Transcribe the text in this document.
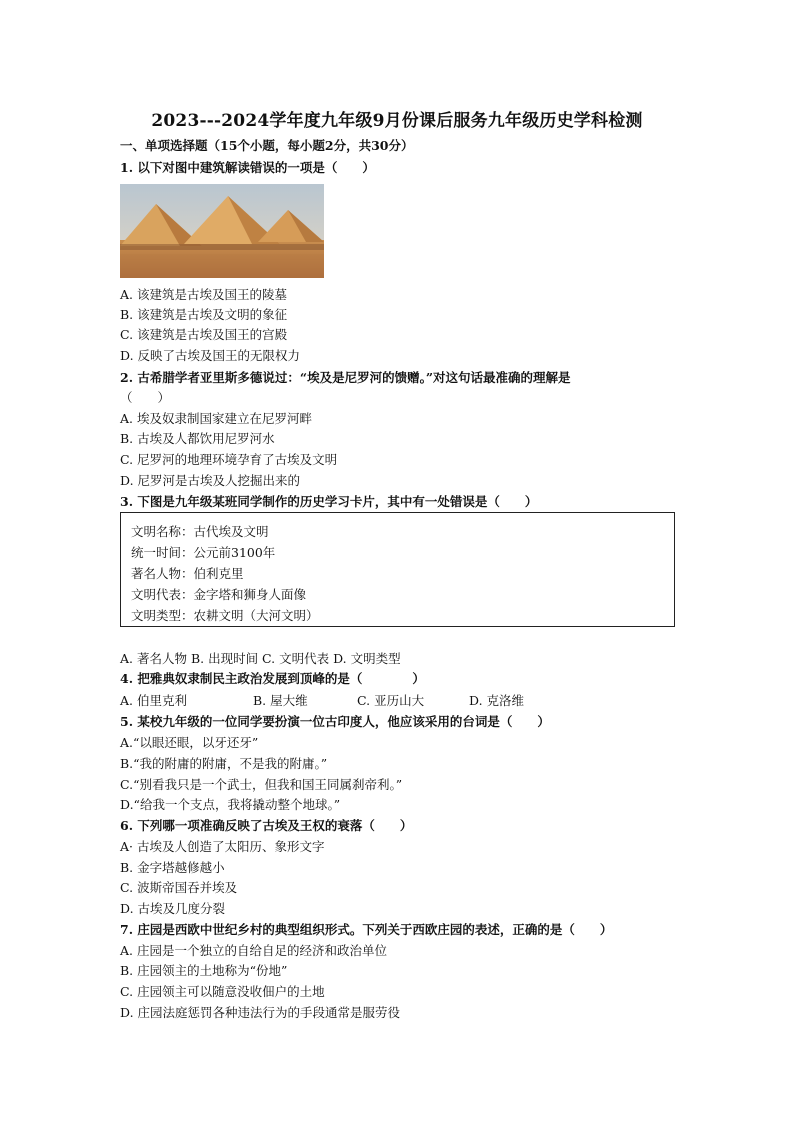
2023---2024学年度九年级9月份课后服务九年级历史学科检测
一、单项选择题（15个小题，每小题2分，共30分）
1. 以下对图中建筑解读错误的一项是（　　）
A. 该建筑是古埃及国王的陵墓
B. 该建筑是古埃及文明的象征
C. 该建筑是古埃及国王的宫殿
D. 反映了古埃及国王的无限权力
2. 古希腊学者亚里斯多德说过：“埃及是尼罗河的馈赠。”对这句话最准确的理解是
（　　）
A. 埃及奴隶制国家建立在尼罗河畔
B. 古埃及人都饮用尼罗河水
C. 尼罗河的地理环境孕育了古埃及文明
D. 尼罗河是古埃及人挖掘出来的
3. 下图是九年级某班同学制作的历史学习卡片，其中有一处错误是（　　）
文明名称：古代埃及文明
统一时间：公元前3100年
著名人物：伯利克里
文明代表：金字塔和狮身人面像
文明类型：农耕文明（大河文明）
A. 著名人物 B. 出现时间 C. 文明代表 D. 文明类型
4. 把雅典奴隶制民主政治发展到顶峰的是（　　　　）
A. 伯里克利	B. 屋大维	C. 亚历山大	D. 克洛维
5. 某校九年级的一位同学要扮演一位古印度人，他应该采用的台词是（　　）
A.“以眼还眼，以牙还牙”
B.“我的附庸的附庸，不是我的附庸。”
C.“别看我只是一个武士，但我和国王同属刹帝利。”
D.“给我一个支点，我将撬动整个地球。”
6. 下列哪一项准确反映了古埃及王权的衰落（　　）
A· 古埃及人创造了太阳历、象形文字
B. 金字塔越修越小
C. 波斯帝国吞并埃及
D. 古埃及几度分裂
7. 庄园是西欧中世纪乡村的典型组织形式。下列关于西欧庄园的表述，正确的是（　　）
A. 庄园是一个独立的自给自足的经济和政治单位
B. 庄园领主的土地称为“份地”
C. 庄园领主可以随意没收佃户的土地
D. 庄园法庭惩罚各种违法行为的手段通常是服劳役
